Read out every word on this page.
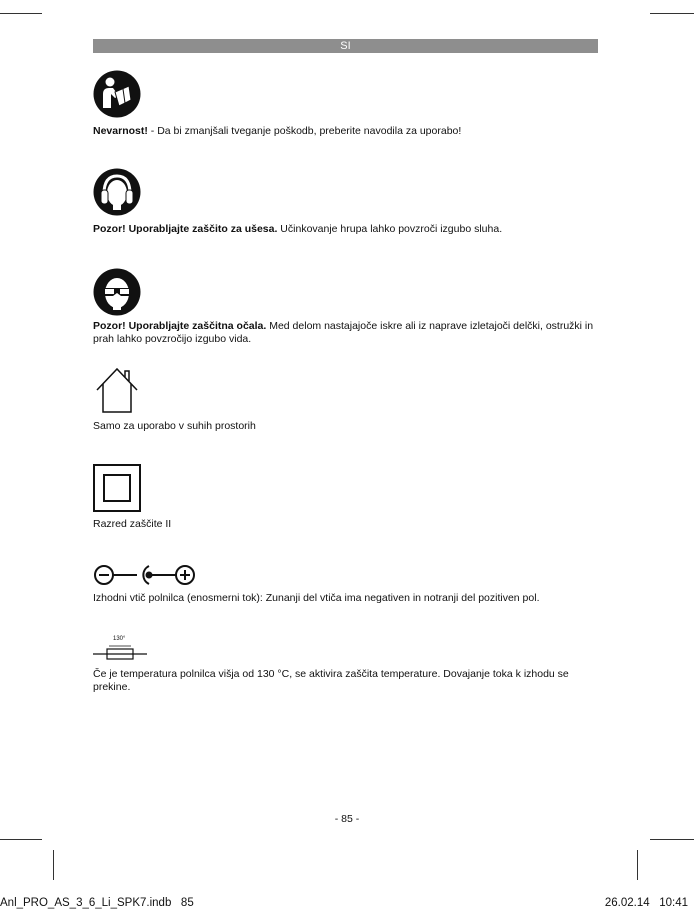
SI
Nevarnost! - Da bi zmanjšali tveganje poškodb, preberite navodila za uporabo!
Pozor! Uporabljajte zaščito za ušesa. Učinkovanje hrupa lahko povzroči izgubo sluha.
Pozor! Uporabljajte zaščitna očala. Med delom nastajajoče iskre ali iz naprave izletajoči delčki, ostružki in prah lahko povzročijo izgubo vida.
Samo za uporabo v suhih prostorih
Razred zaščite II
Izhodni vtič polnilca (enosmerni tok): Zunanji del vtiča ima negativen in notranji del pozitiven pol.
130°
Če je temperatura polnilca višja od 130 °C, se aktivira zaščita temperature. Dovajanje toka k izhodu se prekine.
- 85 -
Anl_PRO_AS_3_6_Li_SPK7.indb   85	26.02.14   10:41
